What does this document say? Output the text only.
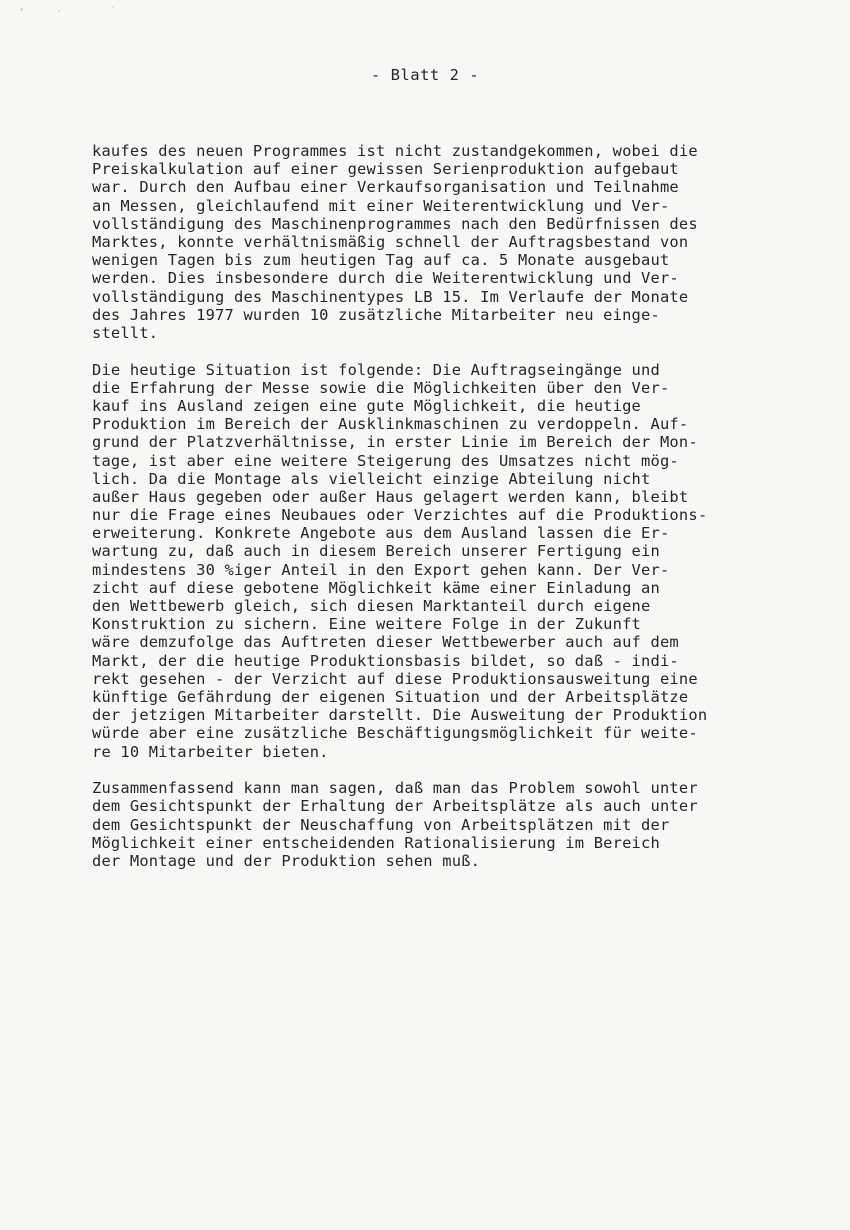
- Blatt 2 -
kaufes des neuen Programmes ist nicht zustandgekommen, wobei die
Preiskalkulation auf einer gewissen Serienproduktion aufgebaut
war. Durch den Aufbau einer Verkaufsorganisation und Teilnahme
an Messen, gleichlaufend mit einer Weiterentwicklung und Ver-
vollständigung des Maschinenprogrammes nach den Bedürfnissen des
Marktes, konnte verhältnismäßig schnell der Auftragsbestand von
wenigen Tagen bis zum heutigen Tag auf ca. 5 Monate ausgebaut
werden. Dies insbesondere durch die Weiterentwicklung und Ver-
vollständigung des Maschinentypes LB 15. Im Verlaufe der Monate
des Jahres 1977 wurden 10 zusätzliche Mitarbeiter neu einge-
stellt.
Die heutige Situation ist folgende: Die Auftragseingänge und
die Erfahrung der Messe sowie die Möglichkeiten über den Ver-
kauf ins Ausland zeigen eine gute Möglichkeit, die heutige
Produktion im Bereich der Ausklinkmaschinen zu verdoppeln. Auf-
grund der Platzverhältnisse, in erster Linie im Bereich der Mon-
tage, ist aber eine weitere Steigerung des Umsatzes nicht mög-
lich. Da die Montage als vielleicht einzige Abteilung nicht
außer Haus gegeben oder außer Haus gelagert werden kann, bleibt
nur die Frage eines Neubaues oder Verzichtes auf die Produktions-
erweiterung. Konkrete Angebote aus dem Ausland lassen die Er-
wartung zu, daß auch in diesem Bereich unserer Fertigung ein
mindestens 30 %iger Anteil in den Export gehen kann. Der Ver-
zicht auf diese gebotene Möglichkeit käme einer Einladung an
den Wettbewerb gleich, sich diesen Marktanteil durch eigene
Konstruktion zu sichern. Eine weitere Folge in der Zukunft
wäre demzufolge das Auftreten dieser Wettbewerber auch auf dem
Markt, der die heutige Produktionsbasis bildet, so daß - indi-
rekt gesehen - der Verzicht auf diese Produktionsausweitung eine
künftige Gefährdung der eigenen Situation und der Arbeitsplätze
der jetzigen Mitarbeiter darstellt. Die Ausweitung der Produktion
würde aber eine zusätzliche Beschäftigungsmöglichkeit für weite-
re 10 Mitarbeiter bieten.
Zusammenfassend kann man sagen, daß man das Problem sowohl unter
dem Gesichtspunkt der Erhaltung der Arbeitsplätze als auch unter
dem Gesichtspunkt der Neuschaffung von Arbeitsplätzen mit der
Möglichkeit einer entscheidenden Rationalisierung im Bereich
der Montage und der Produktion sehen muß.
